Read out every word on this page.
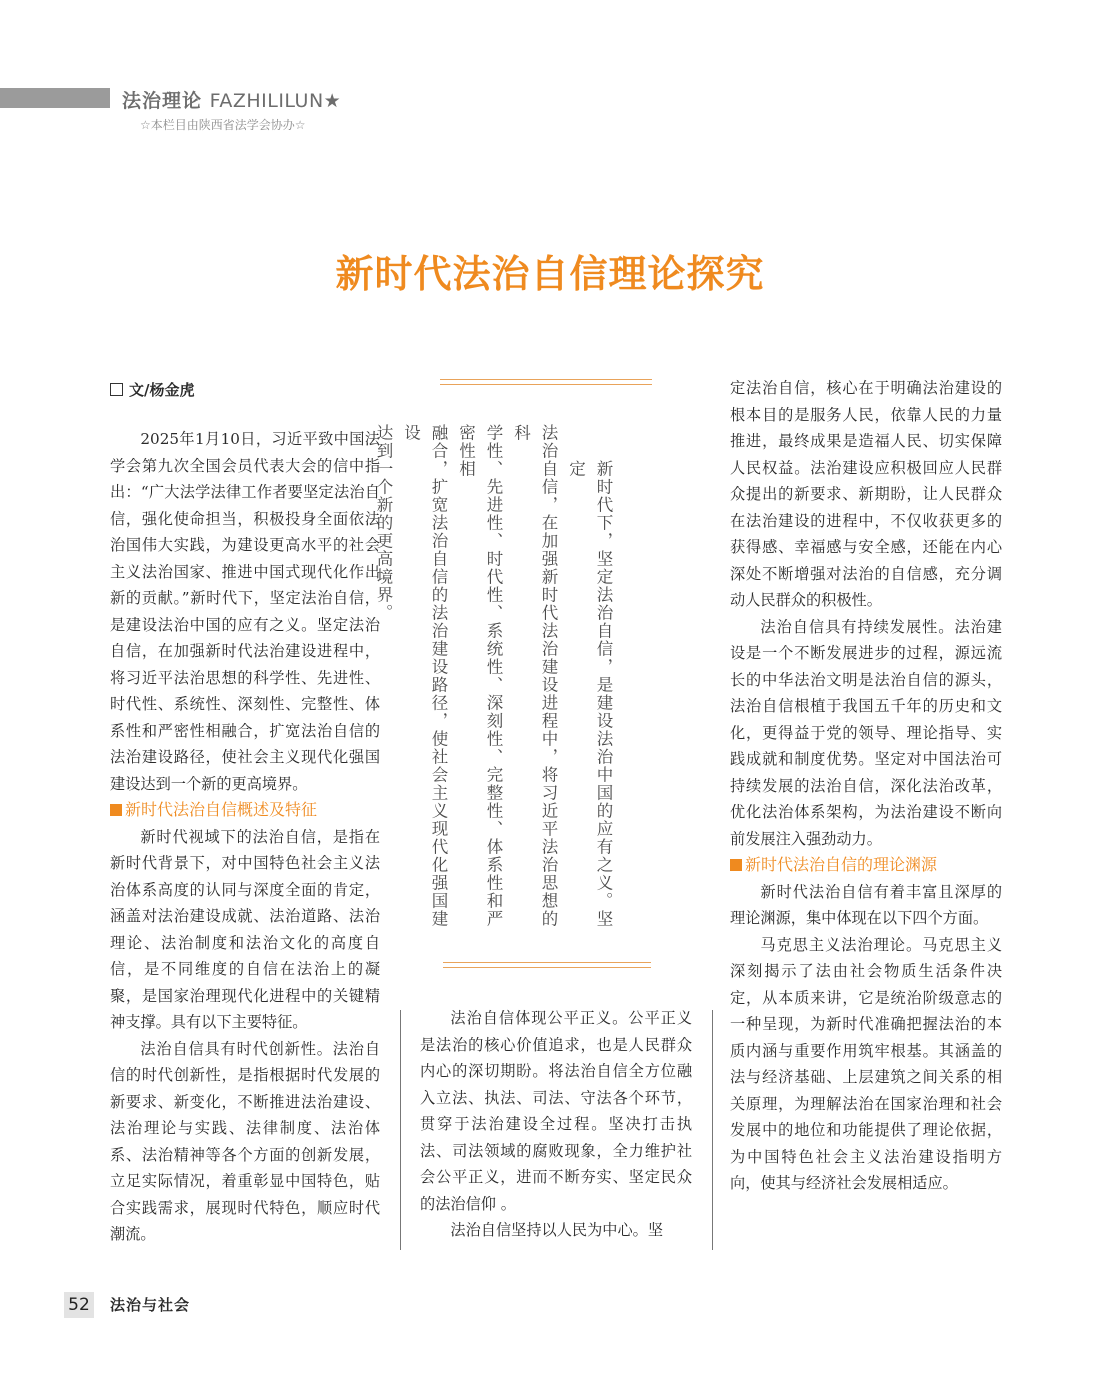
法治理论 FAZHILILUN★
☆本栏目由陕西省法学会协办☆
新时代法治自信理论探究
文/杨金虎

2025年1月10日，习近平致中国法学会第九次全国会员代表大会的信中指出：“广大法学法律工作者要坚定法治自信，强化使命担当，积极投身全面依法治国伟大实践，为建设更高水平的社会主义法治国家、推进中国式现代化作出新的贡献。”新时代下，坚定法治自信，是建设法治中国的应有之义。坚定法治自信，在加强新时代法治建设进程中，将习近平法治思想的科学性、先进性、时代性、系统性、深刻性、完整性、体系性和严密性相融合，扩宽法治自信的法治建设路径，使社会主义现代化强国建设达到一个新的更高境界。

新时代法治自信概述及特征

新时代视域下的法治自信，是指在新时代背景下，对中国特色社会主义法治体系高度的认同与深度全面的肯定，涵盖对法治建设成就、法治道路、法治理论、法治制度和法治文化的高度自信，是不同维度的自信在法治上的凝聚，是国家治理现代化进程中的关键精神支撑。具有以下主要特征。

法治自信具有时代创新性。法治自信的时代创新性，是指根据时代发展的新要求、新变化，不断推进法治建设、法治理论与实践、法律制度、法治体系、法治精神等各个方面的创新发展，立足实际情况，着重彰显中国特色，贴合实践需求，展现时代特色，顺应时代潮流。

新时代下，坚定法治自信，是建设法治中国的应有之义。坚定
法治自信，在加强新时代法治建设进程中，将习近平法治思想的科
学性、先进性、时代性、系统性、深刻性、完整性、体系性和严密性相
融合，扩宽法治自信的法治建设路径，使社会主义现代化强国建设
达到一个新的更高境界。

法治自信体现公平正义。公平正义是法治的核心价值追求，也是人民群众内心的深切期盼。将法治自信全方位融入立法、执法、司法、守法各个环节，贯穿于法治建设全过程。坚决打击执法、司法领域的腐败现象，全力维护社会公平正义，进而不断夯实、坚定民众的法治信仰 。

法治自信坚持以人民为中心。坚

定法治自信，核心在于明确法治建设的根本目的是服务人民，依靠人民的力量推进，最终成果是造福人民、切实保障人民权益。法治建设应积极回应人民群众提出的新要求、新期盼，让人民群众在法治建设的进程中，不仅收获更多的获得感、幸福感与安全感，还能在内心深处不断增强对法治的自信感，充分调动人民群众的积极性。

法治自信具有持续发展性。法治建设是一个不断发展进步的过程，源远流长的中华法治文明是法治自信的源头，法治自信根植于我国五千年的历史和文化，更得益于党的领导、理论指导、实践成就和制度优势。坚定对中国法治可持续发展的法治自信，深化法治改革，优化法治体系架构，为法治建设不断向前发展注入强劲动力。

新时代法治自信的理论渊源

新时代法治自信有着丰富且深厚的理论渊源，集中体现在以下四个方面。

马克思主义法治理论。马克思主义深刻揭示了法由社会物质生活条件决定，从本质来讲，它是统治阶级意志的一种呈现，为新时代准确把握法治的本质内涵与重要作用筑牢根基。其涵盖的法与经济基础、上层建筑之间关系的相关原理，为理解法治在国家治理和社会发展中的地位和功能提供了理论依据，为中国特色社会主义法治建设指明方向，使其与经济社会发展相适应。

52 法治与社会
